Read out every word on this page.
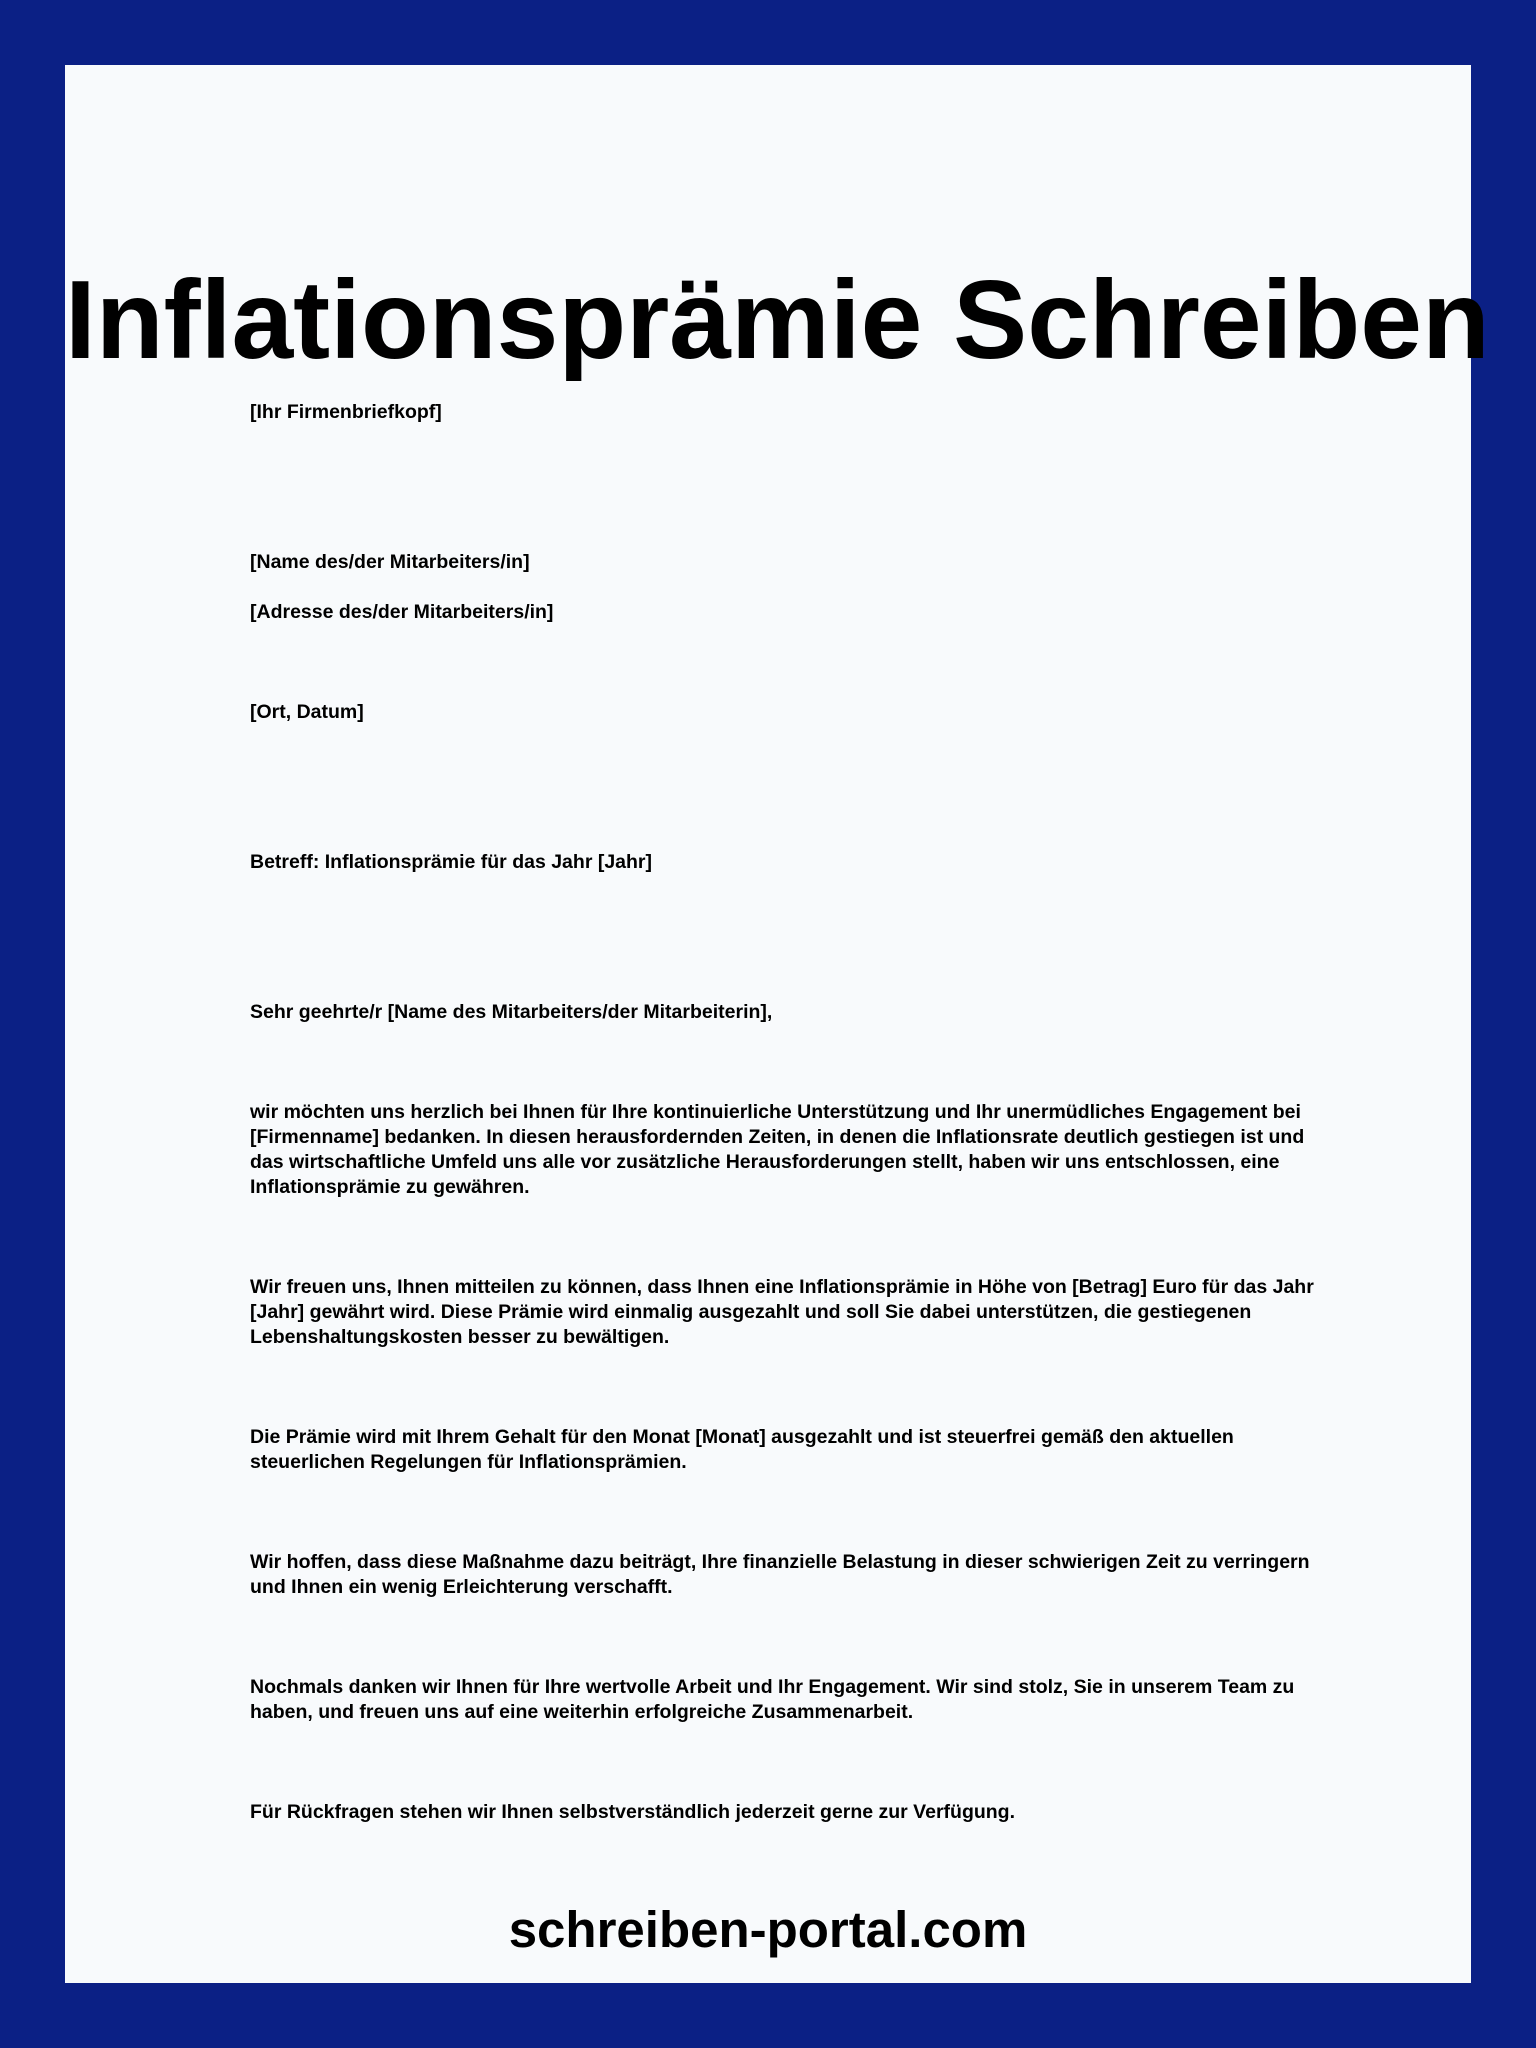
Inflationsprämie Schreiben

[Ihr Firmenbriefkopf]

[Name des/der Mitarbeiters/in]

[Adresse des/der Mitarbeiters/in]

[Ort, Datum]

Betreff: Inflationsprämie für das Jahr [Jahr]

Sehr geehrte/r [Name des Mitarbeiters/der Mitarbeiterin],

wir möchten uns herzlich bei Ihnen für Ihre kontinuierliche Unterstützung und Ihr unermüdliches Engagement bei [Firmenname] bedanken. In diesen herausfordernden Zeiten, in denen die Inflationsrate deutlich gestiegen ist und das wirtschaftliche Umfeld uns alle vor zusätzliche Herausforderungen stellt, haben wir uns entschlossen, eine Inflationsprämie zu gewähren.

Wir freuen uns, Ihnen mitteilen zu können, dass Ihnen eine Inflationsprämie in Höhe von [Betrag] Euro für das Jahr [Jahr] gewährt wird. Diese Prämie wird einmalig ausgezahlt und soll Sie dabei unterstützen, die gestiegenen Lebenshaltungskosten besser zu bewältigen.

Die Prämie wird mit Ihrem Gehalt für den Monat [Monat] ausgezahlt und ist steuerfrei gemäß den aktuellen steuerlichen Regelungen für Inflationsprämien.

Wir hoffen, dass diese Maßnahme dazu beiträgt, Ihre finanzielle Belastung in dieser schwierigen Zeit zu verringern und Ihnen ein wenig Erleichterung verschafft.

Nochmals danken wir Ihnen für Ihre wertvolle Arbeit und Ihr Engagement. Wir sind stolz, Sie in unserem Team zu haben, und freuen uns auf eine weiterhin erfolgreiche Zusammenarbeit.

Für Rückfragen stehen wir Ihnen selbstverständlich jederzeit gerne zur Verfügung.

schreiben-portal.com
